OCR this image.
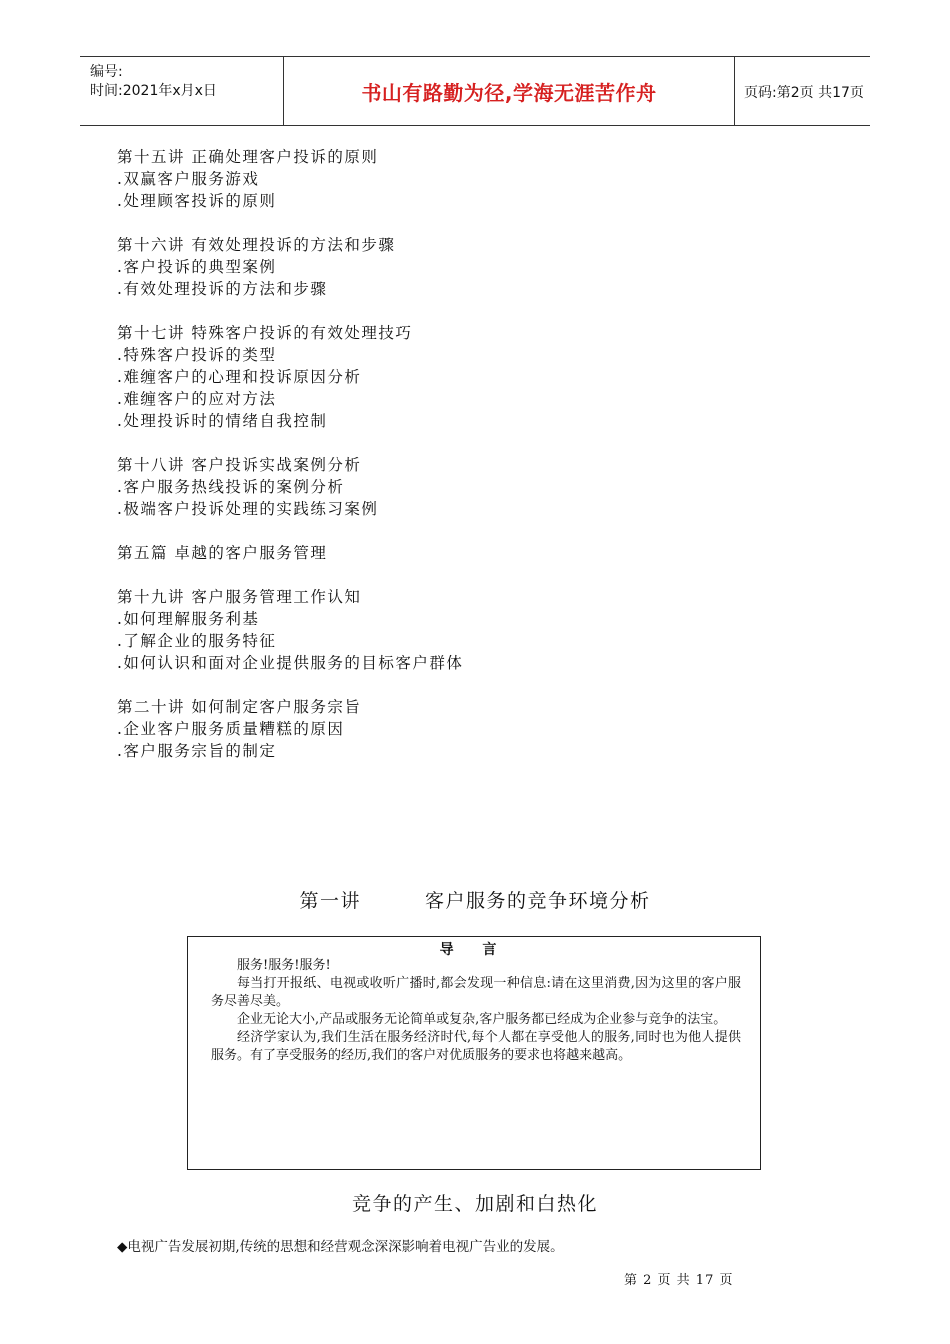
编号:
时间:2021年x月x日	书山有路勤为径,学海无涯苦作舟	页码:第2页 共17页
第十五讲 正确处理客户投诉的原则
.双赢客户服务游戏
.处理顾客投诉的原则
第十六讲 有效处理投诉的方法和步骤
.客户投诉的典型案例
.有效处理投诉的方法和步骤
第十七讲 特殊客户投诉的有效处理技巧
.特殊客户投诉的类型
.难缠客户的心理和投诉原因分析
.难缠客户的应对方法
.处理投诉时的情绪自我控制
第十八讲 客户投诉实战案例分析
.客户服务热线投诉的案例分析
.极端客户投诉处理的实践练习案例
第五篇 卓越的客户服务管理
第十九讲 客户服务管理工作认知
.如何理解服务利基
.了解企业的服务特征
.如何认识和面对企业提供服务的目标客户群体
第二十讲 如何制定客户服务宗旨
.企业客户服务质量糟糕的原因
.客户服务宗旨的制定
第一讲	客户服务的竞争环境分析
导 言

服务!服务!服务!

每当打开报纸、电视或收听广播时,都会发现一种信息:请在这里消费,因为这里的客户服务尽善尽美。

企业无论大小,产品或服务无论简单或复杂,客户服务都已经成为企业参与竞争的法宝。

经济学家认为,我们生活在服务经济时代,每个人都在享受他人的服务,同时也为他人提供服务。有了享受服务的经历,我们的客户对优质服务的要求也将越来越高。

竞争的产生、加剧和白热化
◆电视广告发展初期,传统的思想和经营观念深深影响着电视广告业的发展。
第 2 页 共 17 页
